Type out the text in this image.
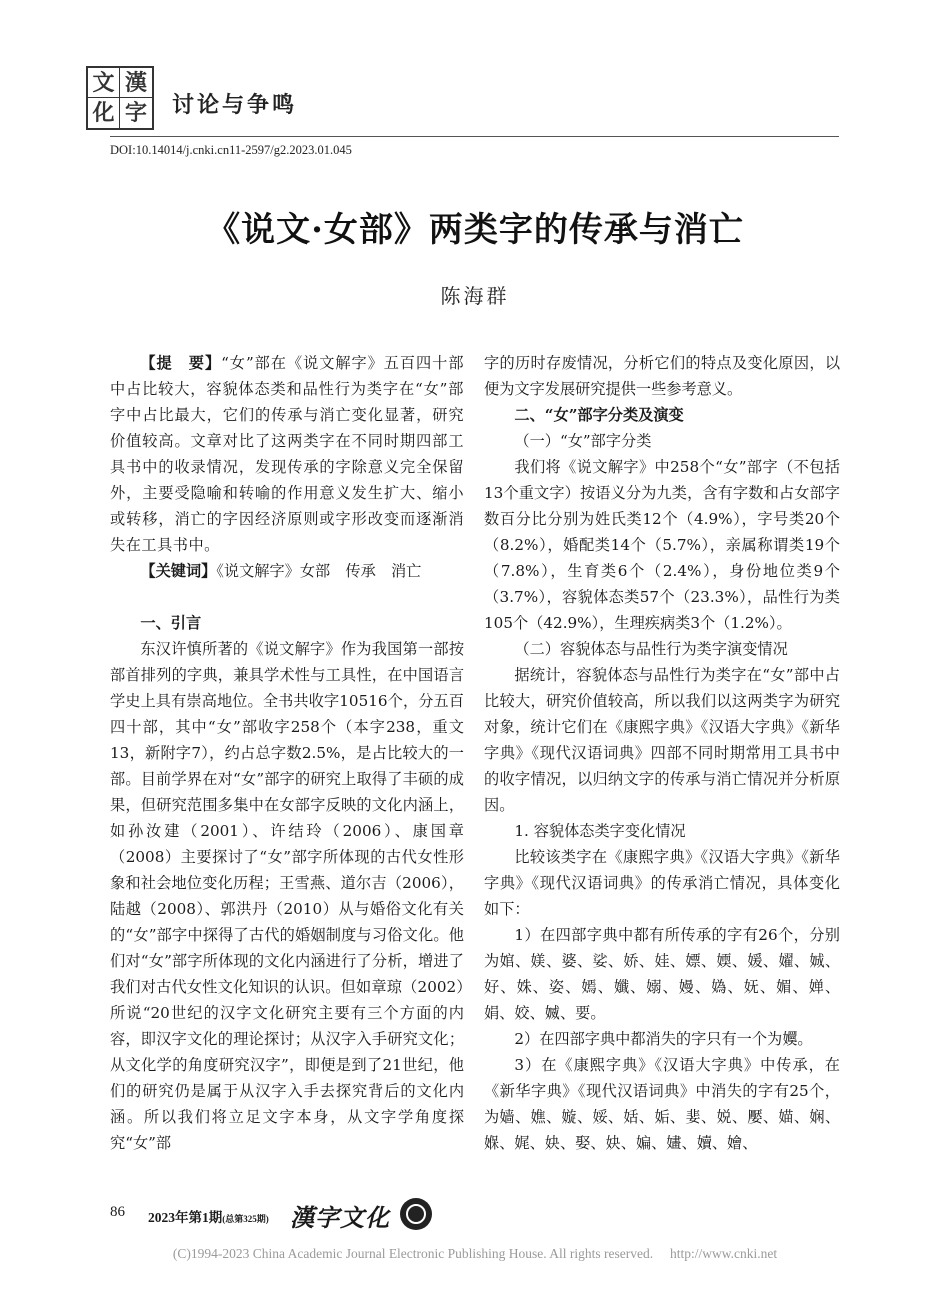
文 漢
化 字 讨论与争鸣
DOI:10.14014/j.cnki.cn11-2597/g2.2023.01.045
《说文·女部》两类字的传承与消亡
陈海群

【提　要】“女”部在《说文解字》五百四十部中占比较大，容貌体态类和品性行为类字在“女”部字中占比最大，它们的传承与消亡变化显著，研究价值较高。文章对比了这两类字在不同时期四部工具书中的收录情况，发现传承的字除意义完全保留外，主要受隐喻和转喻的作用意义发生扩大、缩小或转移，消亡的字因经济原则或字形改变而逐渐消失在工具书中。

【关键词】《说文解字》女部　传承　消亡

一、引言

东汉许慎所著的《说文解字》作为我国第一部按部首排列的字典，兼具学术性与工具性，在中国语言学史上具有崇高地位。全书共收字10516个，分五百四十部，其中“女”部收字258个（本字238，重文13，新附字7），约占总字数2.5%，是占比较大的一部。目前学界在对“女”部字的研究上取得了丰硕的成果，但研究范围多集中在女部字反映的文化内涵上，如孙汝建（2001）、许结玲（2006）、康国章（2008）主要探讨了“女”部字所体现的古代女性形象和社会地位变化历程；王雪燕、道尔吉（2006），陆越（2008）、郭洪丹（2010）从与婚俗文化有关的“女”部字中探得了古代的婚姻制度与习俗文化。他们对“女”部字所体现的文化内涵进行了分析，增进了我们对古代女性文化知识的认识。但如章琼（2002）所说“20世纪的汉字文化研究主要有三个方面的内容，即汉字文化的理论探讨；从汉字入手研究文化；从文化学的角度研究汉字”，即便是到了21世纪，他们的研究仍是属于从汉字入手去探究背后的文化内涵。所以我们将立足文字本身，从文字学角度探究“女”部

字的历时存废情况，分析它们的特点及变化原因，以便为文字发展研究提供一些参考意义。

二、“女”部字分类及演变

（一）“女”部字分类

我们将《说文解字》中258个“女”部字（不包括13个重文字）按语义分为九类，含有字数和占女部字数百分比分别为姓氏类12个（4.9%），字号类20个（8.2%），婚配类14个（5.7%），亲属称谓类19个（7.8%），生育类6个（2.4%），身份地位类9个（3.7%），容貌体态类57个（23.3%），品性行为类105个（42.9%），生理疾病类3个（1.2%）。

（二）容貌体态与品性行为类字演变情况

据统计，容貌体态与品性行为类字在“女”部中占比较大，研究价值较高，所以我们以这两类字为研究对象，统计它们在《康熙字典》《汉语大字典》《新华字典》《现代汉语词典》四部不同时期常用工具书中的收字情况，以归纳文字的传承与消亡情况并分析原因。

1. 容貌体态类字变化情况

比较该类字在《康熙字典》《汉语大字典》《新华字典》《现代汉语词典》的传承消亡情况，具体变化如下：

1）在四部字典中都有所传承的字有26个，分别为婠、媄、婆、娑、娇、娃、嫖、媆、媛、嬥、娍、好、姝、姿、嫣、孅、嫋、嫚、媯、妩、媚、婵、娟、姣、媙、要。

2）在四部字典中都消失的字只有一个为嬽。

3）在《康熙字典》《汉语大字典》中传承，在《新华字典》《现代汉语词典》中消失的字有25个，为嫱、嫶、嫙、娞、姡、姤、婓、娧、嬮、媌、娴、媬、娓、妜、娶、妜、媥、嫿、嬻、嬒、

86 2023年第1期(总第325期) 漢字文化
(C)1994-2023 China Academic Journal Electronic Publishing House. All rights reserved.　 http://www.cnki.net
